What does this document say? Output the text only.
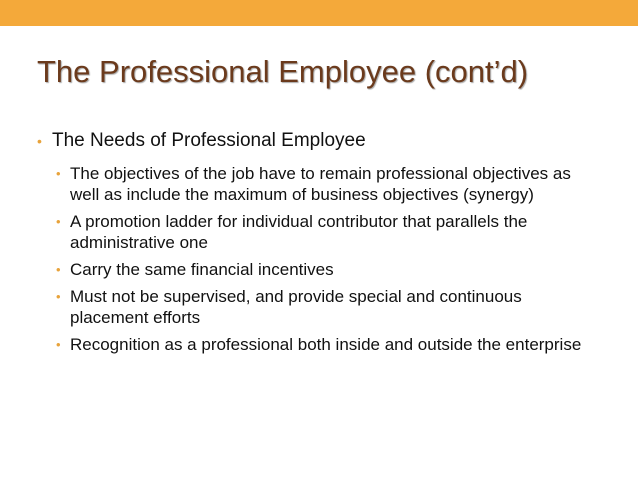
The Professional Employee (cont’d)
• The Needs of Professional Employee
• The objectives of the job have to remain professional objectives as well as include the maximum of business objectives (synergy)
• A promotion ladder for individual contributor that parallels the administrative one
• Carry the same financial incentives
• Must not be supervised, and provide special and continuous placement efforts
• Recognition as a professional both inside and outside the enterprise
